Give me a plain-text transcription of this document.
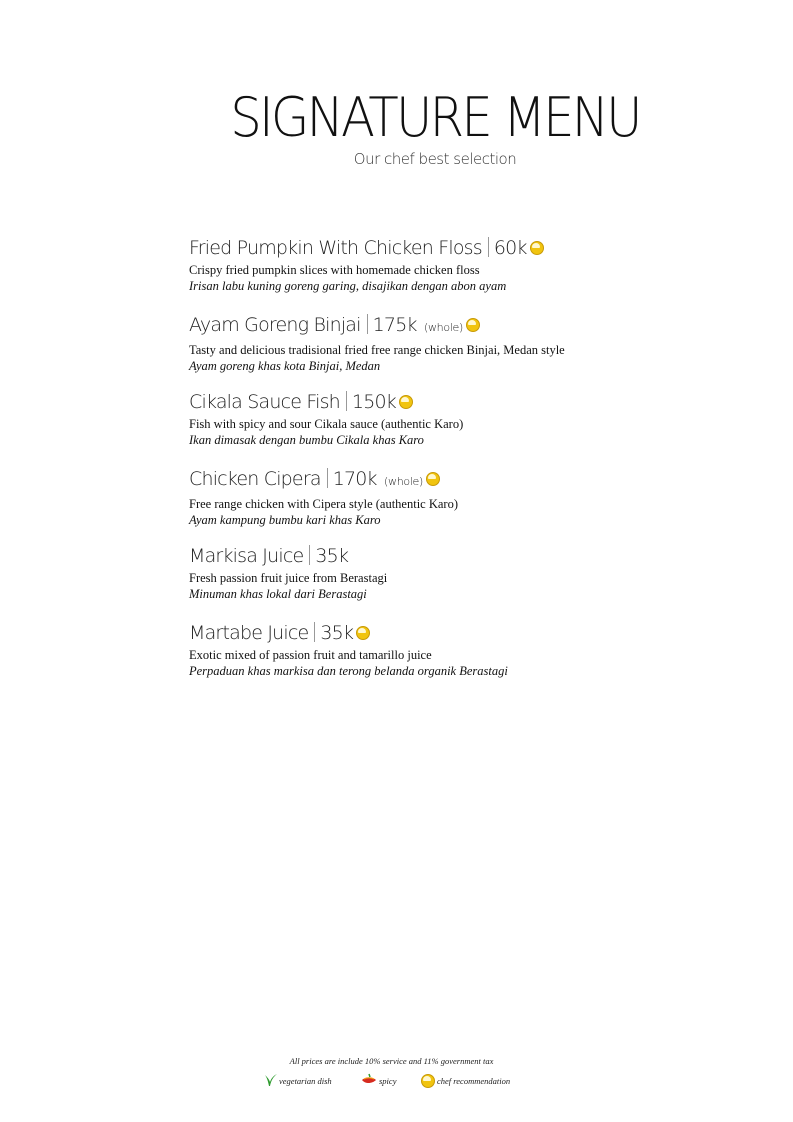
SIGNATURE MENU
Our chef best selection
Fried Pumpkin With Chicken Floss 60k
Crispy fried pumpkin slices with homemade chicken floss
Irisan labu kuning goreng garing, disajikan dengan abon ayam
Ayam Goreng Binjai 175k (whole)
Tasty and delicious tradisional fried free range chicken Binjai, Medan style
Ayam goreng khas kota Binjai, Medan
Cikala Sauce Fish 150k
Fish with spicy and sour Cikala sauce (authentic Karo)
Ikan dimasak dengan bumbu Cikala khas Karo
Chicken Cipera 170k (whole)
Free range chicken with Cipera style (authentic Karo)
Ayam kampung bumbu kari khas Karo
Markisa Juice 35k
Fresh passion fruit juice from Berastagi
Minuman khas lokal dari Berastagi
Martabe Juice 35k
Exotic mixed of passion fruit and tamarillo juice
Perpaduan khas markisa dan terong belanda organik Berastagi
All prices are include 10% service and 11% government tax
vegetarian dish	spicy	chef recommendation
